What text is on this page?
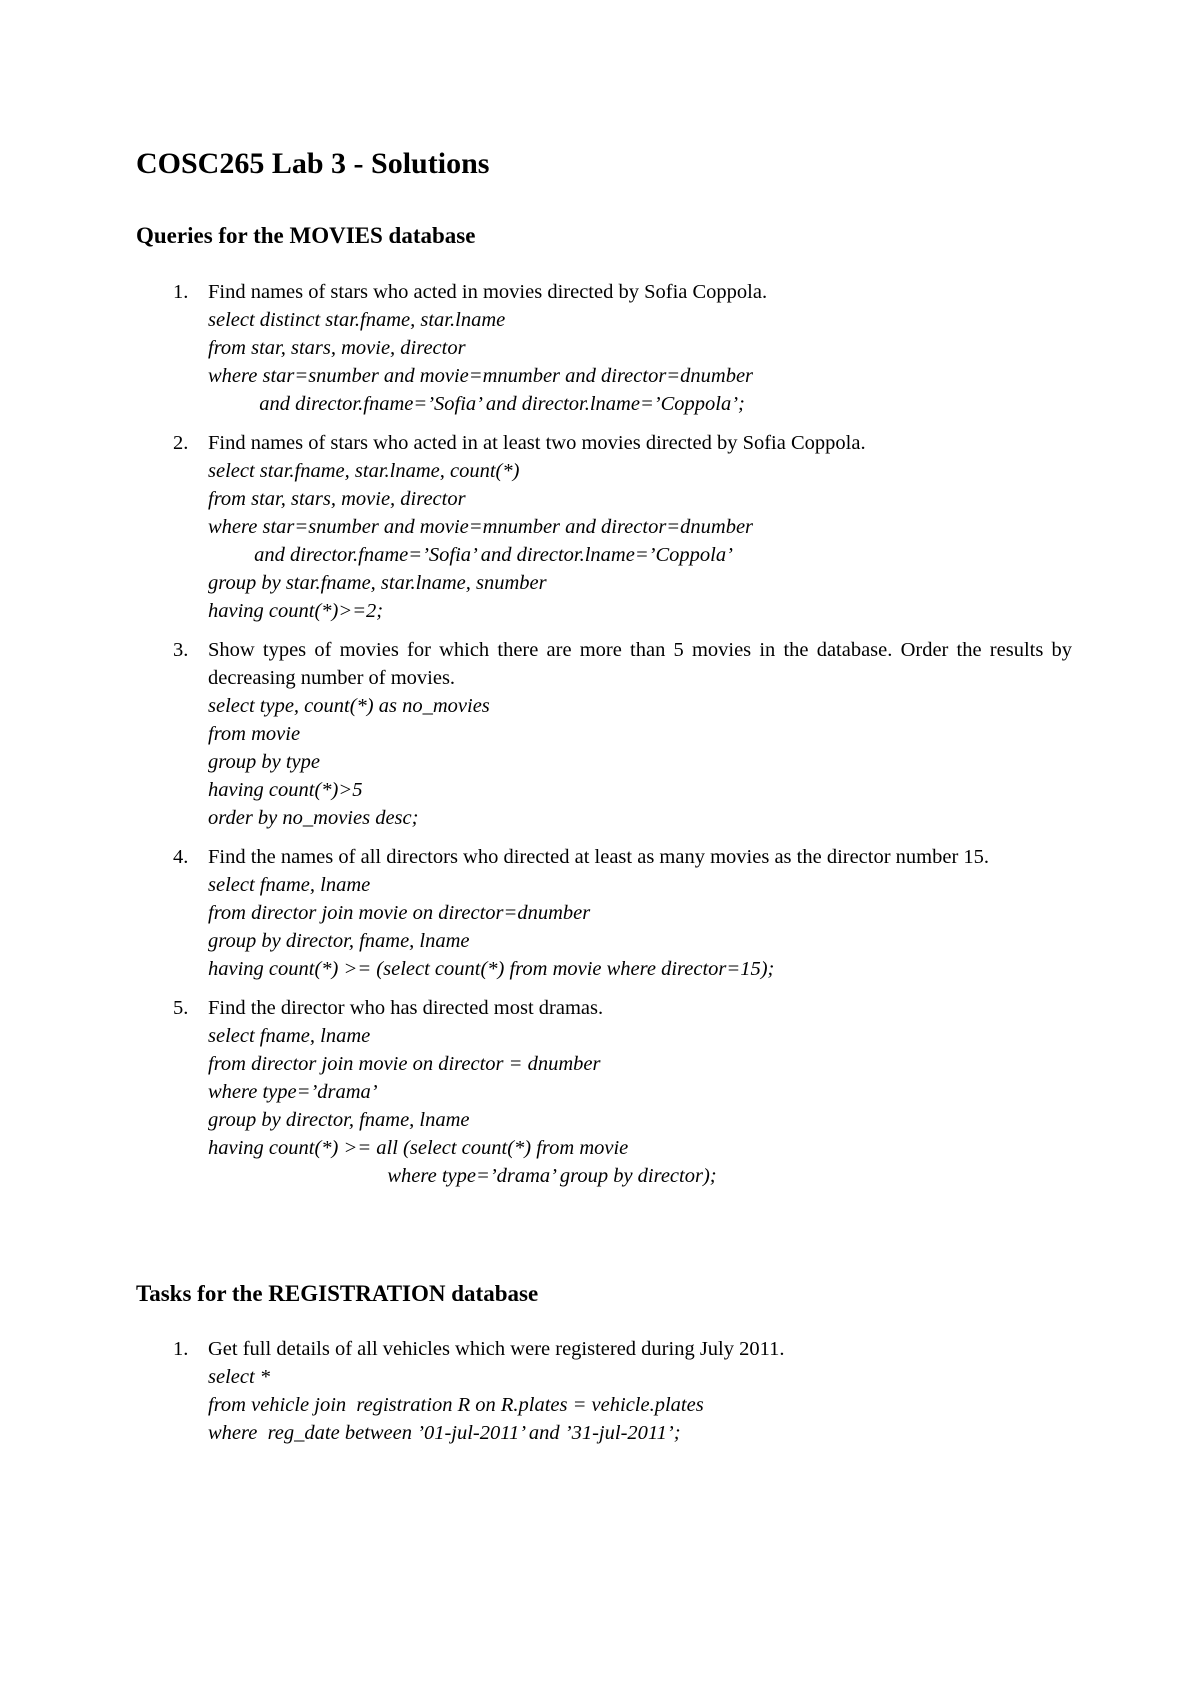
COSC265 Lab 3 - Solutions
Queries for the MOVIES database
1. Find names of stars who acted in movies directed by Sofia Coppola.
select distinct star.fname, star.lname
from star, stars, movie, director
where star=snumber and movie=mnumber and director=dnumber
and director.fname=’Sofia’ and director.lname=’Coppola’;
2. Find names of stars who acted in at least two movies directed by Sofia Coppola.
select star.fname, star.lname, count(*)
from star, stars, movie, director
where star=snumber and movie=mnumber and director=dnumber
and director.fname=’Sofia’ and director.lname=’Coppola’
group by star.fname, star.lname, snumber
having count(*)>=2;
3. Show types of movies for which there are more than 5 movies in the database. Order the results by decreasing number of movies.
select type, count(*) as no_movies
from movie
group by type
having count(*)>5
order by no_movies desc;
4. Find the names of all directors who directed at least as many movies as the director number 15.
select fname, lname
from director join movie on director=dnumber
group by director, fname, lname
having count(*) >= (select count(*) from movie where director=15);
5. Find the director who has directed most dramas.
select fname, lname
from director join movie on director = dnumber
where type=’drama’
group by director, fname, lname
having count(*) >= all (select count(*) from movie
where type=’drama’ group by director);
Tasks for the REGISTRATION database
1. Get full details of all vehicles which were registered during July 2011.
select *
from vehicle join  registration R on R.plates = vehicle.plates
where  reg_date between ’01-jul-2011’ and ’31-jul-2011’;
